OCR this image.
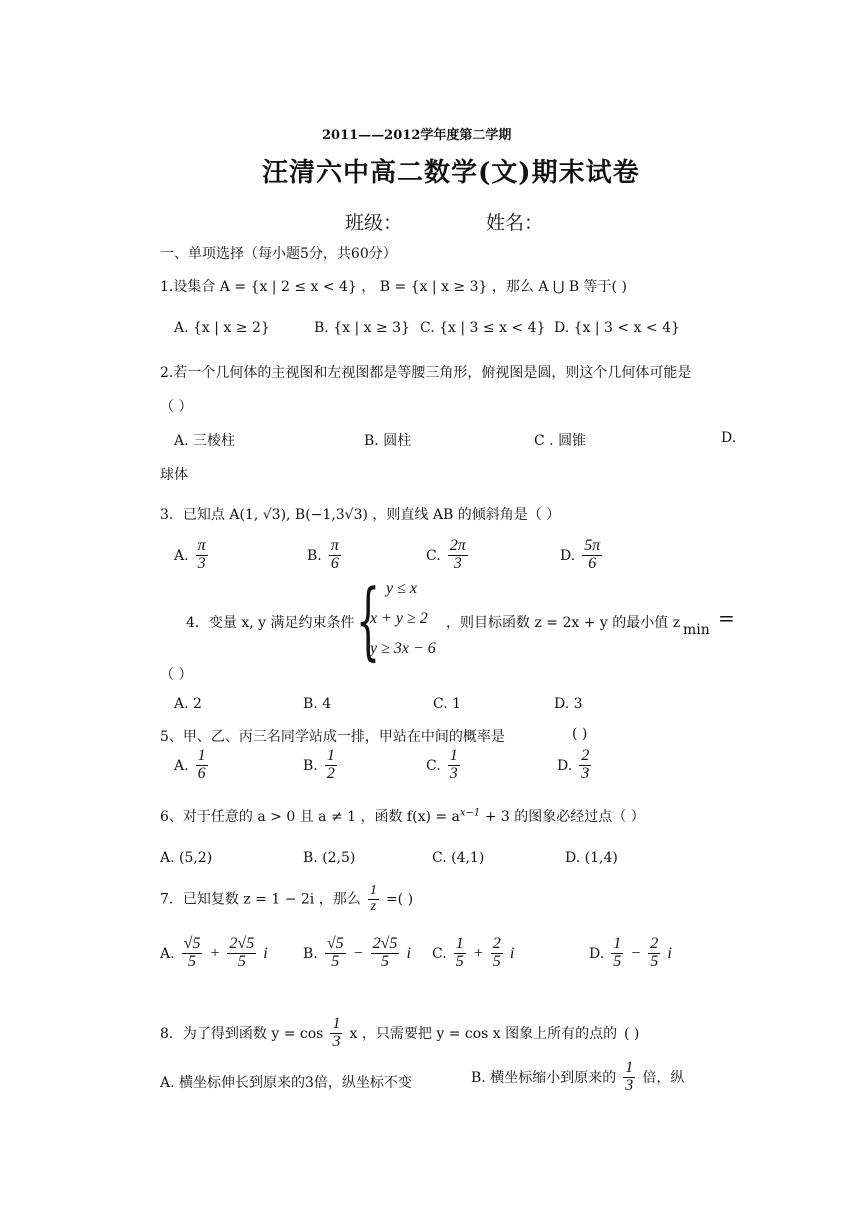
2011——2012学年度第二学期
汪清六中高二数学(文)期末试卷
班级：	姓名：
一、单项选择（每小题5分，共60分）
1.设集合 A = {x | 2 ≤ x < 4} ， B = {x | x ≥ 3} ，那么 A ⋃ B 等于( )
A. {x | x ≥ 2}	B. {x | x ≥ 3} C. {x | 3 ≤ x < 4} D. {x | 3 < x < 4}
2.若一个几何体的主视图和左视图都是等腰三角形，俯视图是圆，则这个几何体可能是
（ ）
A. 三棱柱	B. 圆柱	C . 圆锥	D.
球体
3．已知点 A(1, √3), B(−1,3√3) ，则直线 AB 的倾斜角是（ ）
A. $\frac{\pi}{3}$	B. $\frac{\pi}{6}$	C. $\frac{2\pi}{3}$	D. $\frac{5\pi}{6}$
4．变量 x, y 满足约束条件 { y ≤ x
x + y ≥ 2
y ≥ 3x − 6
，则目标函数 z = 2x + y 的最小值 z min =
（ ）
A. 2	B. 4	C. 1	D. 3
5、甲、乙、丙三名同学站成一排，甲站在中间的概率是	( )
A. $\frac{1}{6}$	B. $\frac{1}{2}$	C. $\frac{1}{3}$	D. $\frac{2}{3}$
6、对于任意的 a > 0 且 a ≠ 1 ，函数 $f(x) = a^{x-1} + 3$ 的图象必经过点（ ）
A. (5,2)	B. (2,5)	C. (4,1)	D. (1,4)
7．已知复数 z = 1 − 2i ，那么 $\frac{1}{z}$ =( )
A. $\frac{√5}{5} + \frac{2√5}{5}$ i	B. $\frac{√5}{5} - \frac{2√5}{5}$ i C. $\frac{1}{5} + \frac{2}{5}$ i	D. $\frac{1}{5} - \frac{2}{5}$ i
8．为了得到函数 $y = \cos \frac{1}{3}$ x ，只需要把 y = cos x 图象上所有的点的 ( )
A. 横坐标伸长到原来的3倍，纵坐标不变	B. 横坐标缩小到原来的 $\frac{1}{3}$ 倍，纵
